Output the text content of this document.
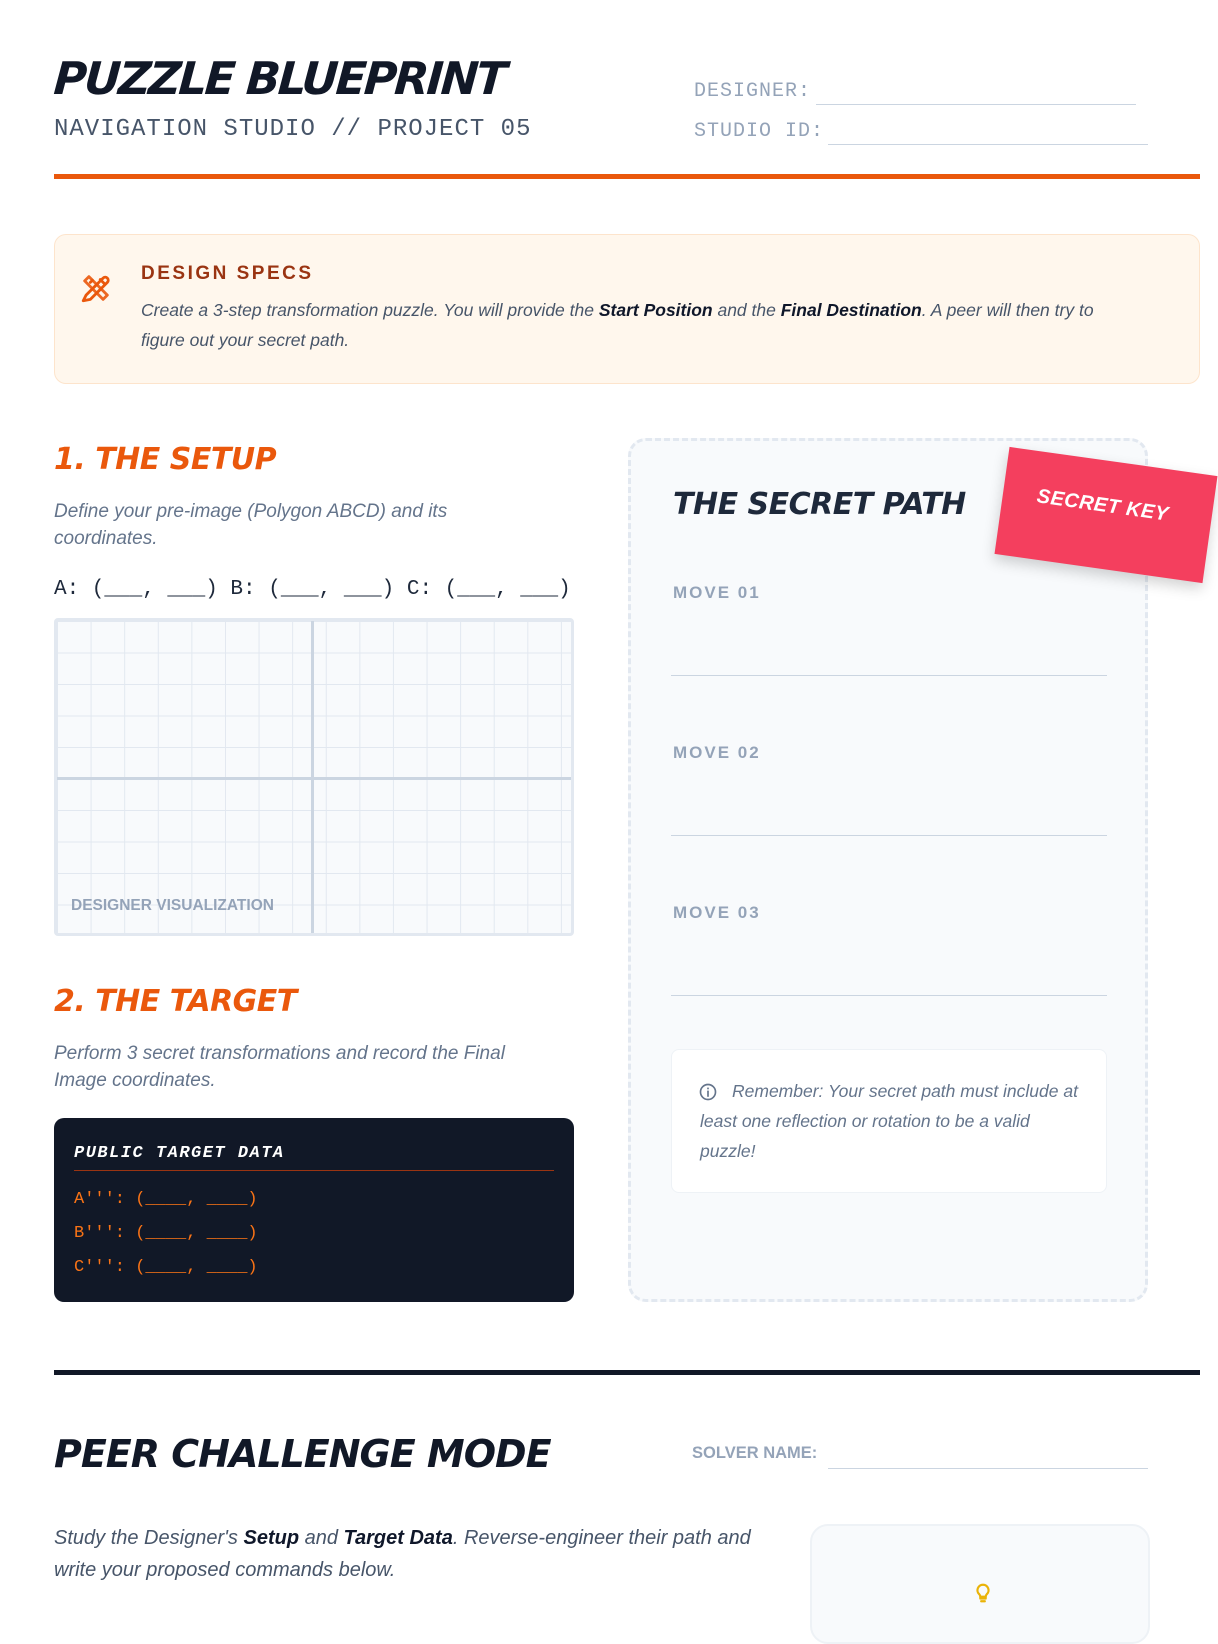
PUZZLE BLUEPRINT
NAVIGATION STUDIO // PROJECT 05
DESIGNER:
STUDIO ID:
DESIGN SPECS
Create a 3-step transformation puzzle. You will provide the Start Position and the Final Destination. A peer will then try to figure out your secret path.
1. THE SETUP
Define your pre-image (Polygon ABCD) and its coordinates.
A: (___, ___) B: (___, ___) C: (___, ___)
DESIGNER VISUALIZATION
2. THE TARGET
Perform 3 secret transformations and record the Final Image coordinates.
PUBLIC TARGET DATA
A''': (____, ____)
B''': (____, ____)
C''': (____, ____)
SECRET KEY
THE SECRET PATH
MOVE 01
MOVE 02
MOVE 03
Remember: Your secret path must include at least one reflection or rotation to be a valid puzzle!
PEER CHALLENGE MODE	SOLVER NAME:
Study the Designer's Setup and Target Data. Reverse-engineer their path and write your proposed commands below.
